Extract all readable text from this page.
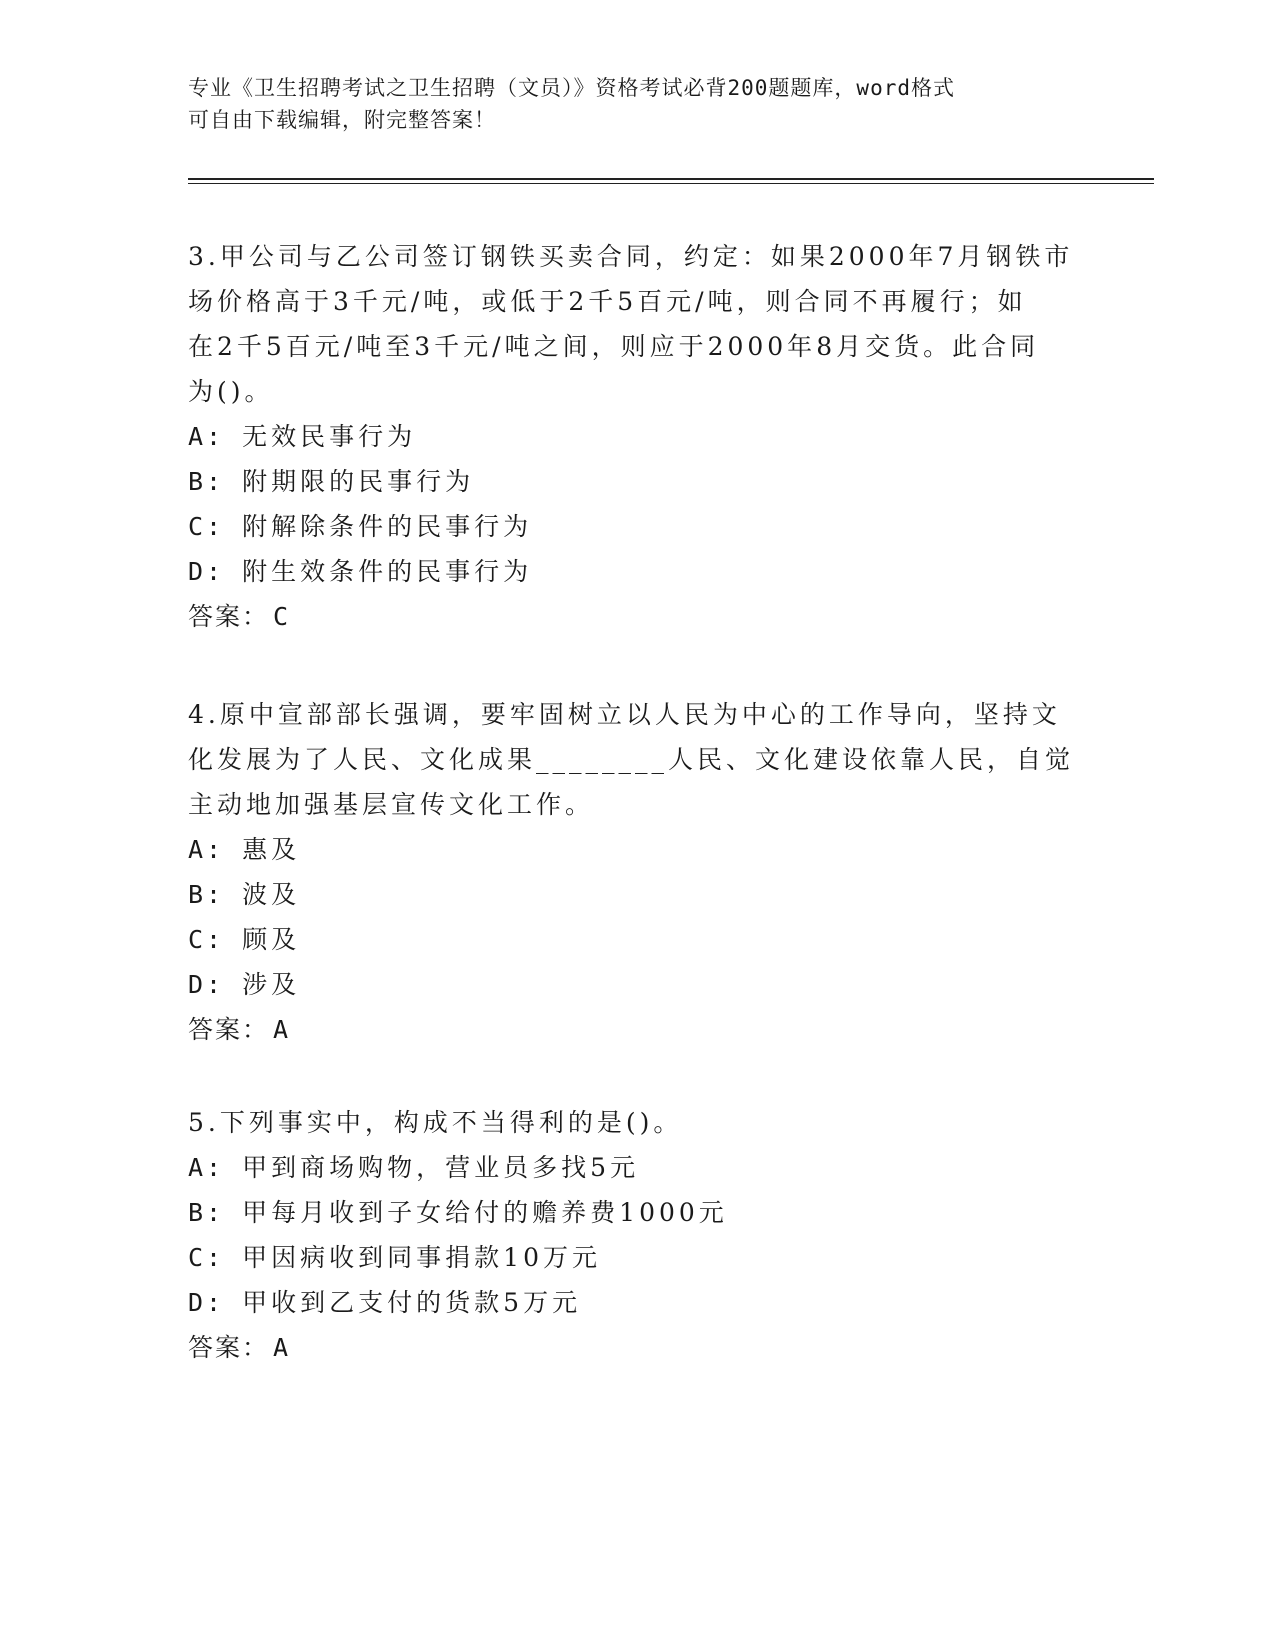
专业《卫生招聘考试之卫生招聘（文员）》资格考试必背200题题库，word格式
可自由下载编辑，附完整答案！
3.甲公司与乙公司签订钢铁买卖合同，约定：如果2000年7月钢铁市
场价格高于3千元/吨，或低于2千5百元/吨，则合同不再履行；如
在2千5百元/吨至3千元/吨之间，则应于2000年8月交货。此合同
为()。
A: 无效民事行为
B: 附期限的民事行为
C: 附解除条件的民事行为
D: 附生效条件的民事行为
答案： C
4.原中宣部部长强调，要牢固树立以人民为中心的工作导向，坚持文
化发展为了人民、文化成果________人民、文化建设依靠人民，自觉
主动地加强基层宣传文化工作。
A: 惠及
B: 波及
C: 顾及
D: 涉及
答案： A
5.下列事实中，构成不当得利的是()。
A: 甲到商场购物，营业员多找5元
B: 甲每月收到子女给付的赡养费1000元
C: 甲因病收到同事捐款10万元
D: 甲收到乙支付的货款5万元
答案： A
